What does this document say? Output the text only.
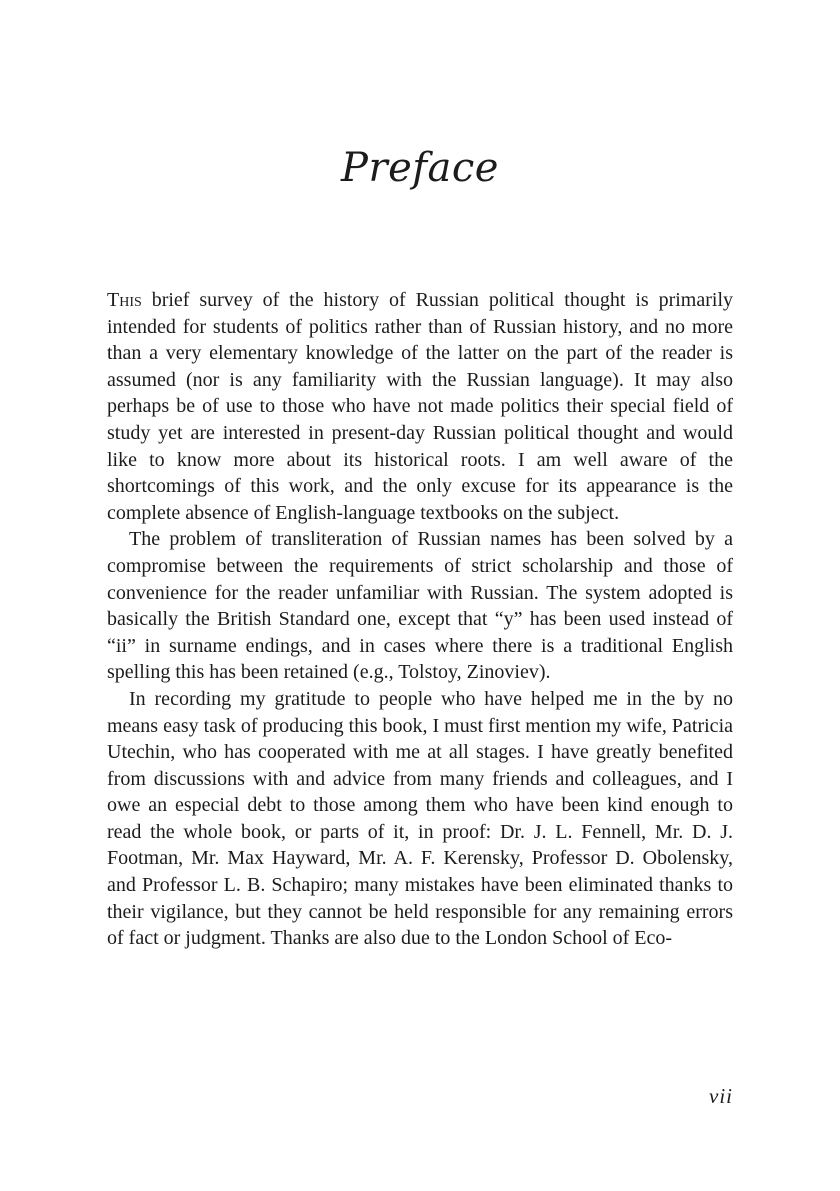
Preface

This brief survey of the history of Russian political thought is primarily intended for students of politics rather than of Russian history, and no more than a very elementary knowledge of the latter on the part of the reader is assumed (nor is any familiarity with the Russian language). It may also perhaps be of use to those who have not made politics their special field of study yet are interested in present-day Russian political thought and would like to know more about its historical roots. I am well aware of the shortcomings of this work, and the only excuse for its appearance is the complete absence of English-language textbooks on the subject.

The problem of transliteration of Russian names has been solved by a compromise between the requirements of strict scholarship and those of convenience for the reader unfamiliar with Russian. The system adopted is basically the British Standard one, except that “y” has been used instead of “ii” in surname endings, and in cases where there is a traditional English spelling this has been retained (e.g., Tolstoy, Zinoviev).

In recording my gratitude to people who have helped me in the by no means easy task of producing this book, I must first mention my wife, Patricia Utechin, who has cooperated with me at all stages. I have greatly benefited from discussions with and advice from many friends and colleagues, and I owe an especial debt to those among them who have been kind enough to read the whole book, or parts of it, in proof: Dr. J. L. Fennell, Mr. D. J. Footman, Mr. Max Hayward, Mr. A. F. Kerensky, Professor D. Obolensky, and Professor L. B. Schapiro; many mistakes have been eliminated thanks to their vigilance, but they cannot be held responsible for any remaining errors of fact or judgment. Thanks are also due to the London School of Eco-

vii
